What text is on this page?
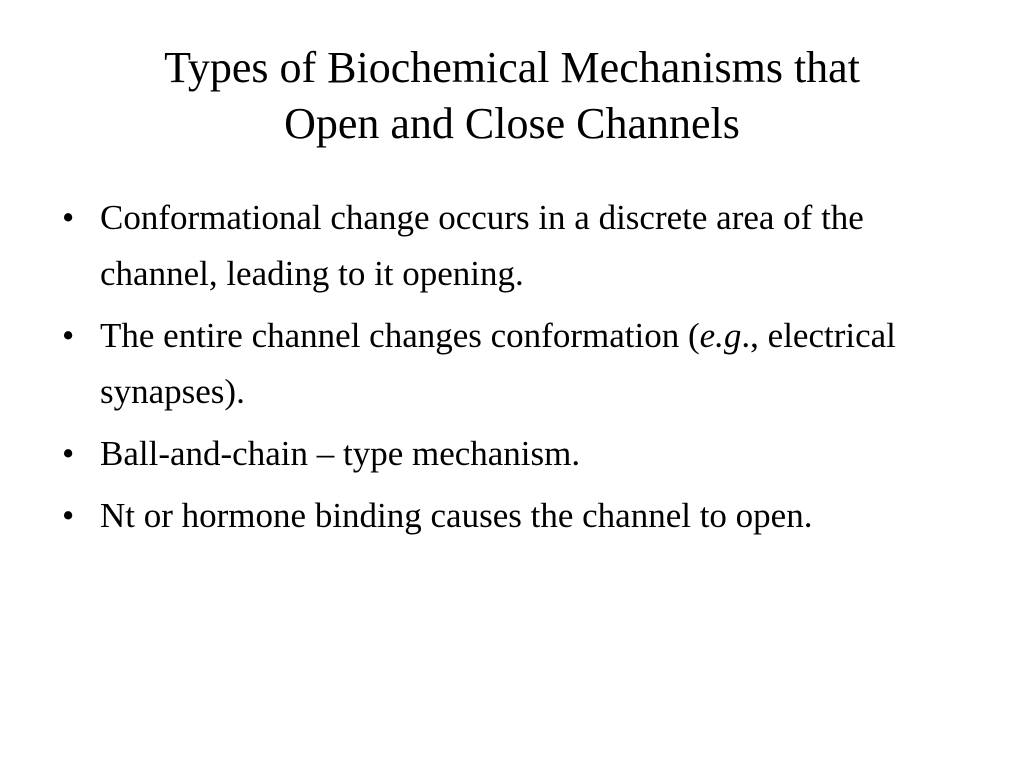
Types of Biochemical Mechanisms that
Open and Close Channels
• Conformational change occurs in a discrete area of the channel, leading to it opening.
• The entire channel changes conformation (e.g., electrical synapses).
• Ball-and-chain – type mechanism.
• Nt or hormone binding causes the channel to open.
